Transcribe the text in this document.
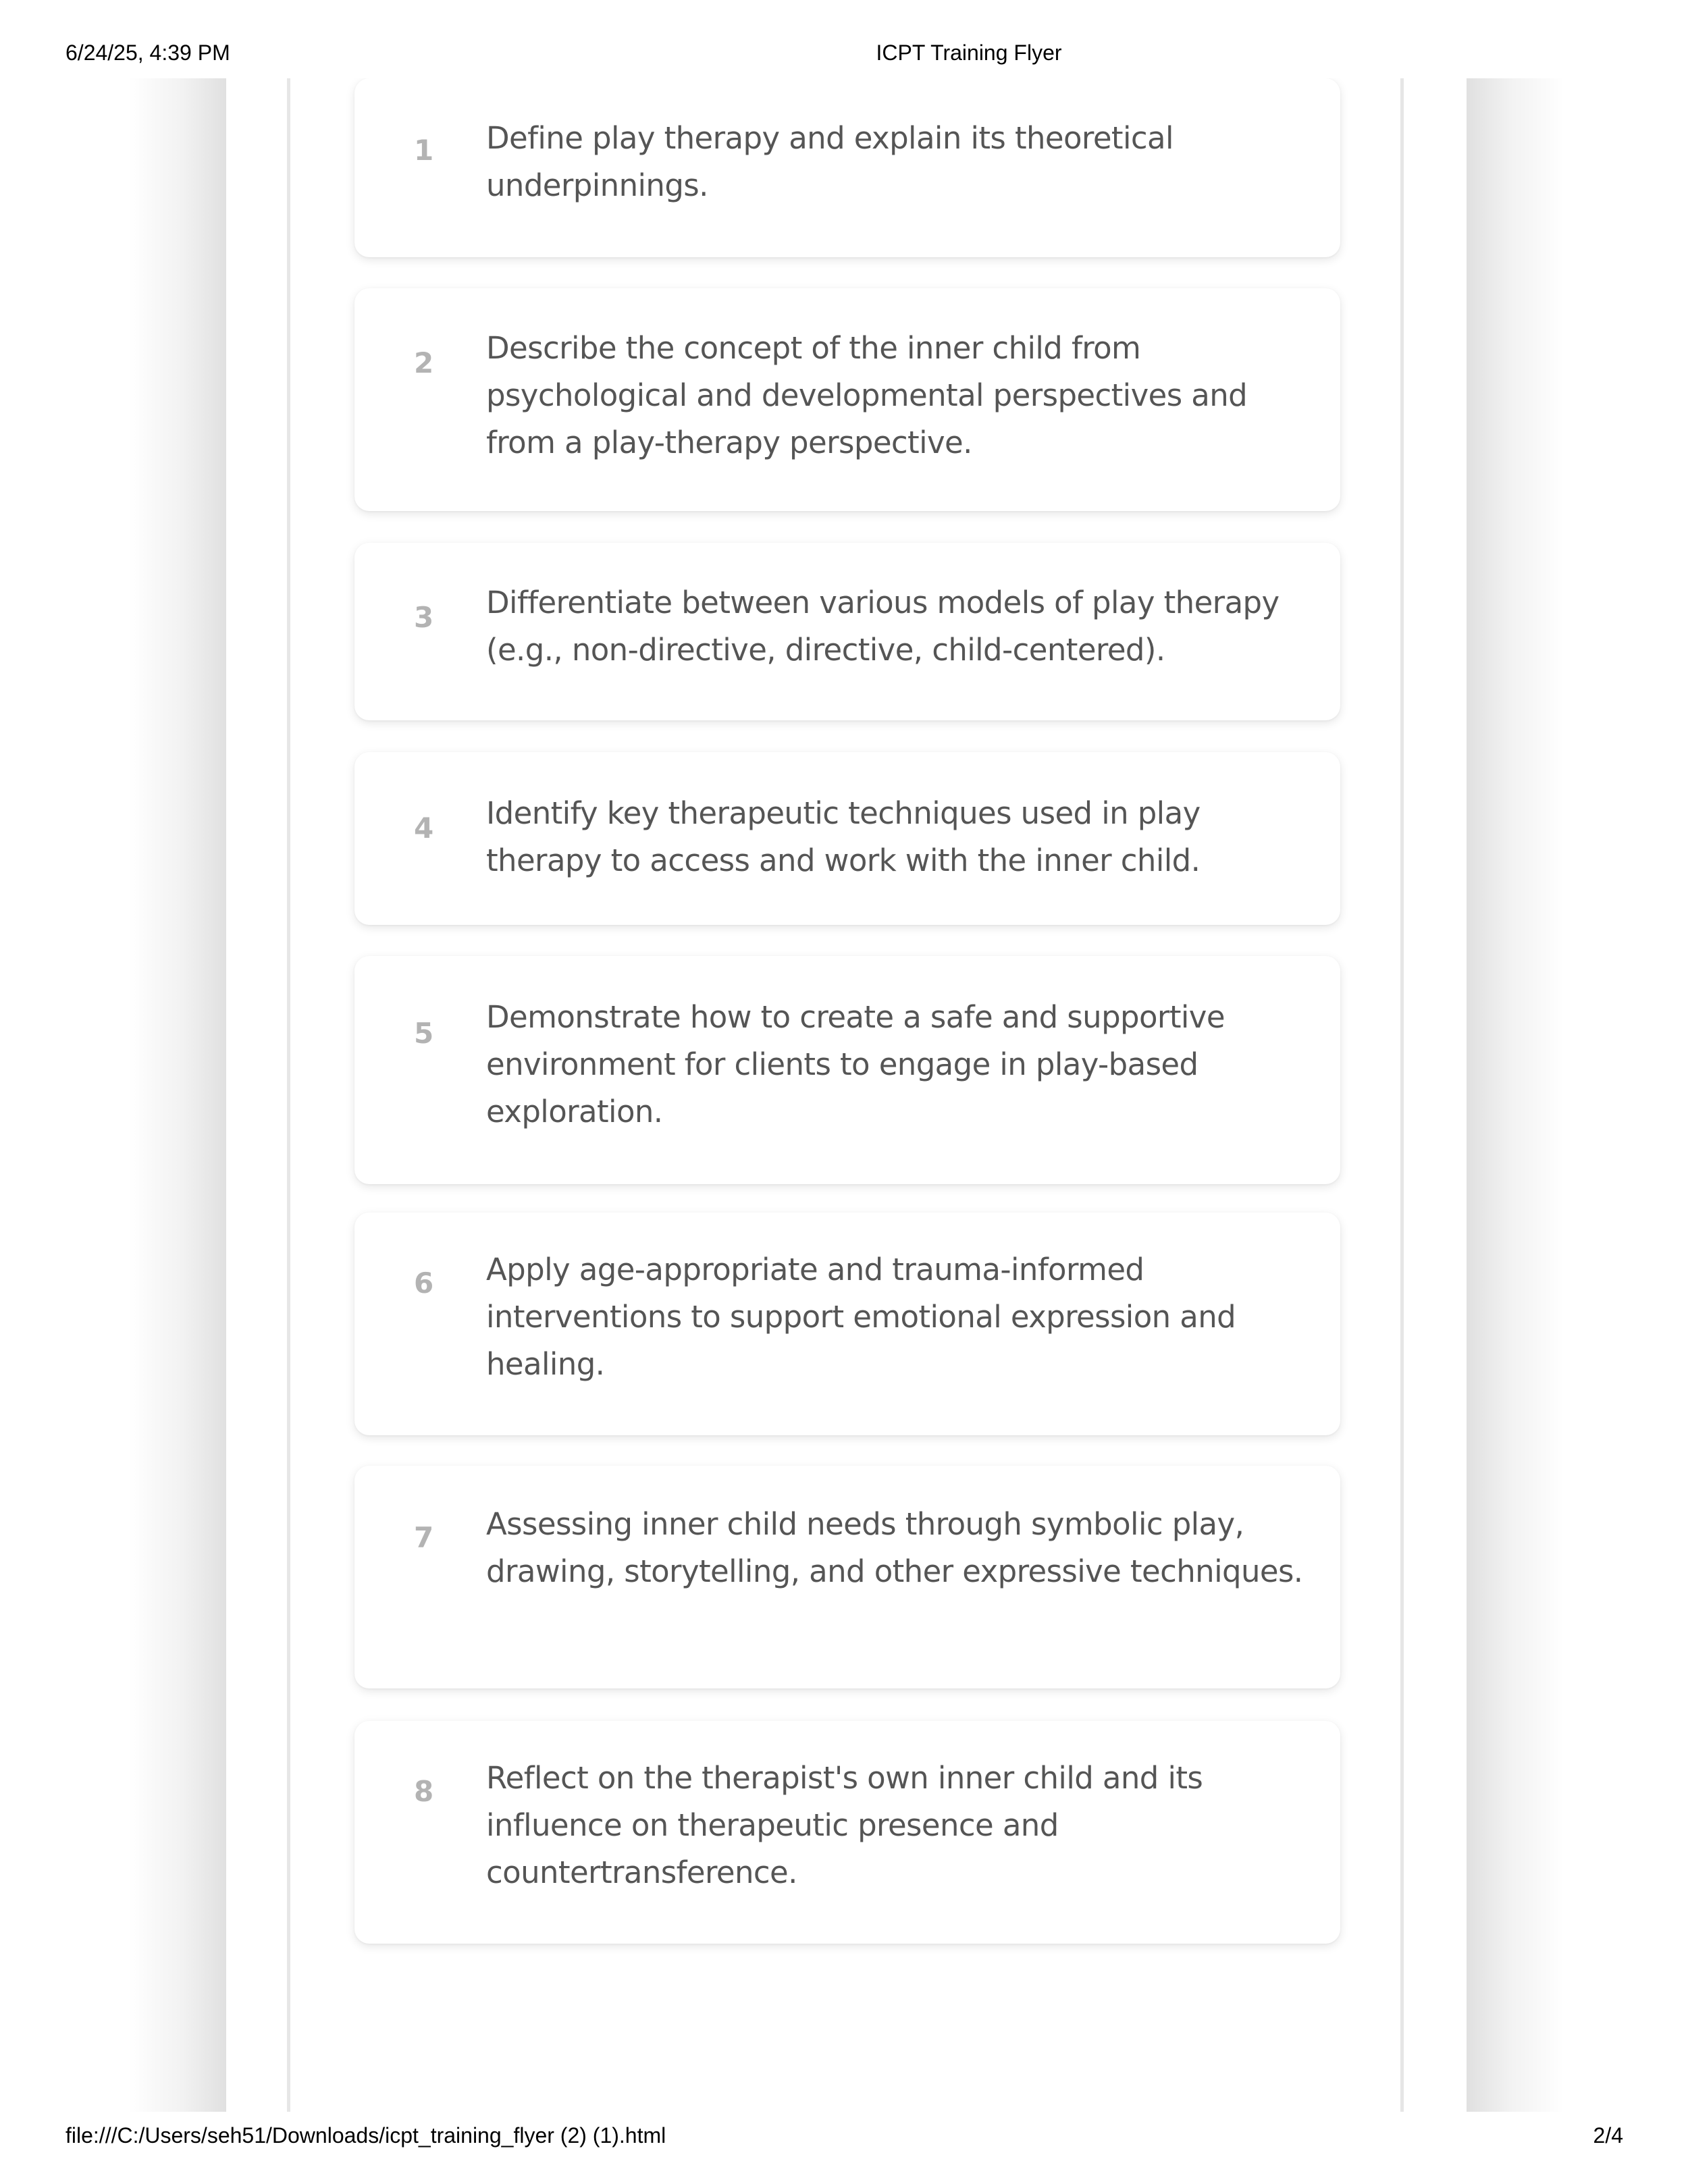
6/24/25, 4:39 PM	ICPT Training Flyer
1 Define play therapy and explain its theoretical underpinnings.
2 Describe the concept of the inner child from psychological and developmental perspectives and from a play-therapy perspective.
3 Differentiate between various models of play therapy (e.g., non-directive, directive, child-centered).
4 Identify key therapeutic techniques used in play therapy to access and work with the inner child.
5 Demonstrate how to create a safe and supportive environment for clients to engage in play-based exploration.
6 Apply age-appropriate and trauma-informed interventions to support emotional expression and healing.
7 Assessing inner child needs through symbolic play, drawing, storytelling, and other expressive techniques.
8 Reflect on the therapist's own inner child and its influence on therapeutic presence and countertransference.
file:///C:/Users/seh51/Downloads/icpt_training_flyer (2) (1).html	2/4
